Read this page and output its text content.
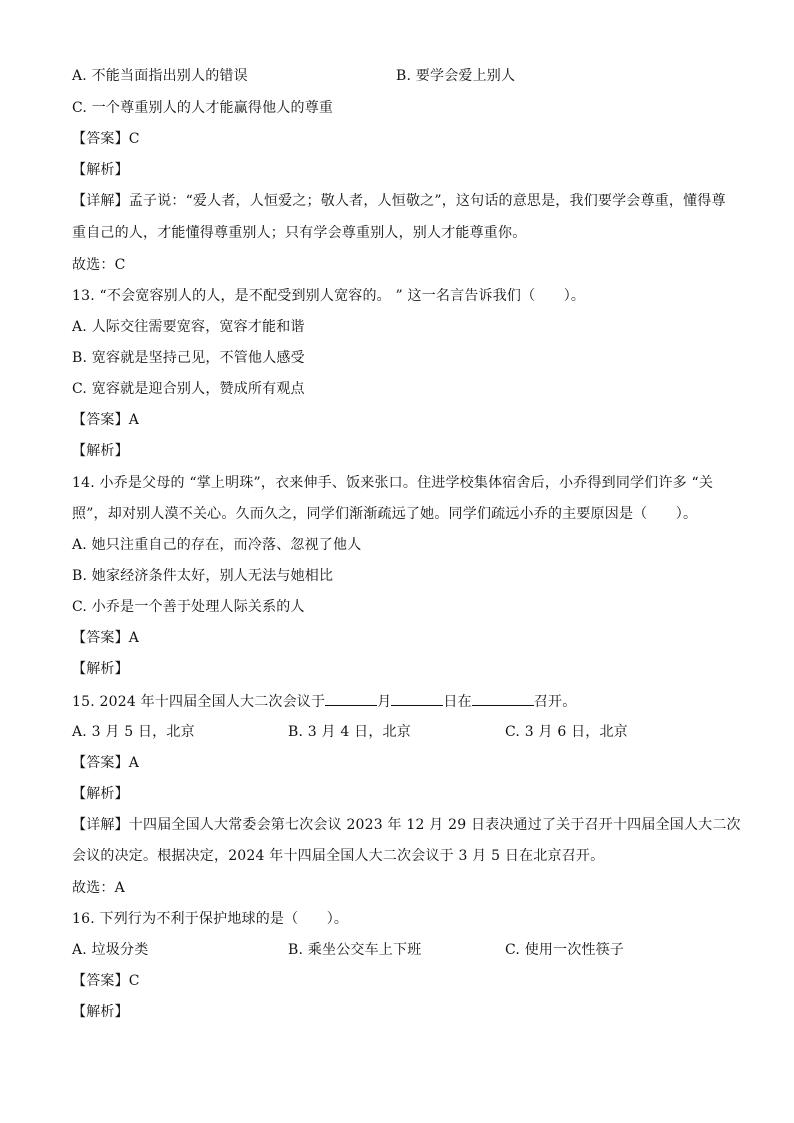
A. 不能当面指出别人的错误	B. 要学会爱上别人
C. 一个尊重别人的人才能赢得他人的尊重
【答案】C
【解析】
【详解】孟子说：“爱人者，人恒爱之；敬人者，人恒敬之”，这句话的意思是，我们要学会尊重，懂得尊
重自己的人，才能懂得尊重别人；只有学会尊重别人，别人才能尊重你。
故选：C
13. “不会宽容别人的人，是不配受到别人宽容的。 ” 这一名言告诉我们（　　）。
A. 人际交往需要宽容，宽容才能和谐
B. 宽容就是坚持己见，不管他人感受
C. 宽容就是迎合别人，赞成所有观点
【答案】A
【解析】
14. 小乔是父母的 “掌上明珠”，衣来伸手、饭来张口。住进学校集体宿舍后，小乔得到同学们许多 “关
照”，却对别人漠不关心。久而久之，同学们渐渐疏远了她。同学们疏远小乔的主要原因是（　　）。
A. 她只注重自己的存在，而冷落、忽视了他人
B. 她家经济条件太好，别人无法与她相比
C. 小乔是一个善于处理人际关系的人
【答案】A
【解析】
15. 2024 年十四届全国人大二次会议于	月	日在	召开。
A. 3 月 5 日，北京	B. 3 月 4 日，北京	C. 3 月 6 日，北京
【答案】A
【解析】
【详解】十四届全国人大常委会第七次会议 2023 年 12 月 29 日表决通过了关于召开十四届全国人大二次
会议的决定。根据决定，2024 年十四届全国人大二次会议于 3 月 5 日在北京召开。
故选：A
16. 下列行为不利于保护地球的是（　　）。
A. 垃圾分类	B. 乘坐公交车上下班	C. 使用一次性筷子
【答案】C
【解析】
